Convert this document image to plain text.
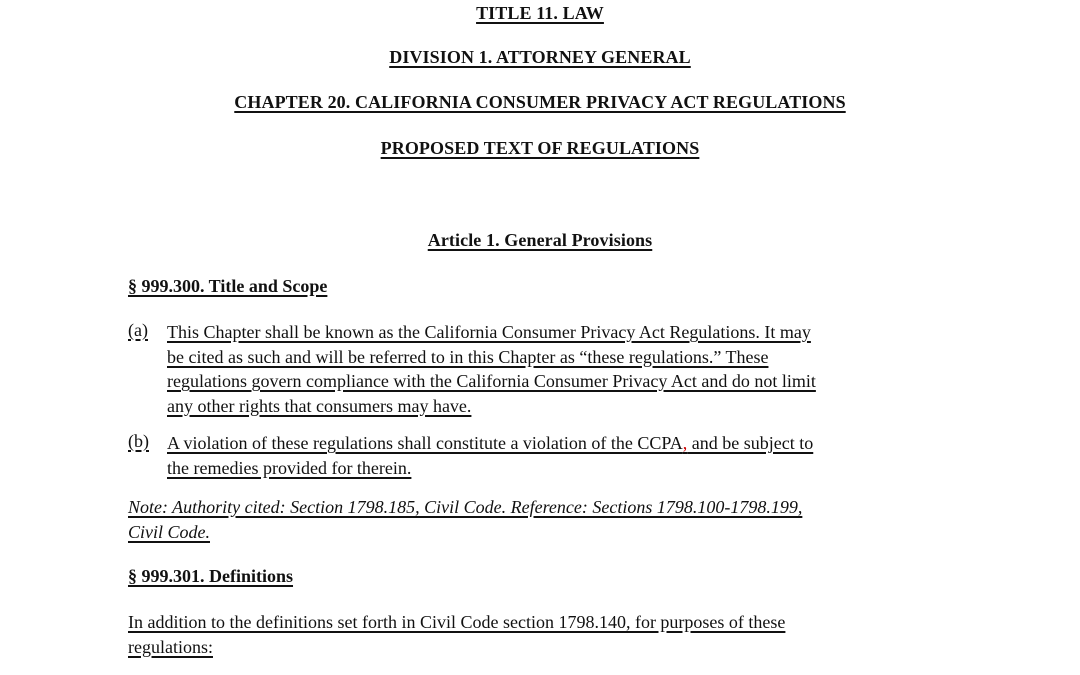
TITLE 11. LAW
DIVISION 1. ATTORNEY GENERAL
CHAPTER 20. CALIFORNIA CONSUMER PRIVACY ACT REGULATIONS
PROPOSED TEXT OF REGULATIONS
Article 1. General Provisions
§ 999.300. Title and Scope
(a) This Chapter shall be known as the California Consumer Privacy Act Regulations. It may
be cited as such and will be referred to in this Chapter as “these regulations.” These
regulations govern compliance with the California Consumer Privacy Act and do not limit
any other rights that consumers may have.
(b) A violation of these regulations shall constitute a violation of the CCPA, and be subject to
the remedies provided for therein.
Note: Authority cited: Section 1798.185, Civil Code. Reference: Sections 1798.100-1798.199,
Civil Code.
§ 999.301. Definitions
In addition to the definitions set forth in Civil Code section 1798.140, for purposes of these
regulations:
